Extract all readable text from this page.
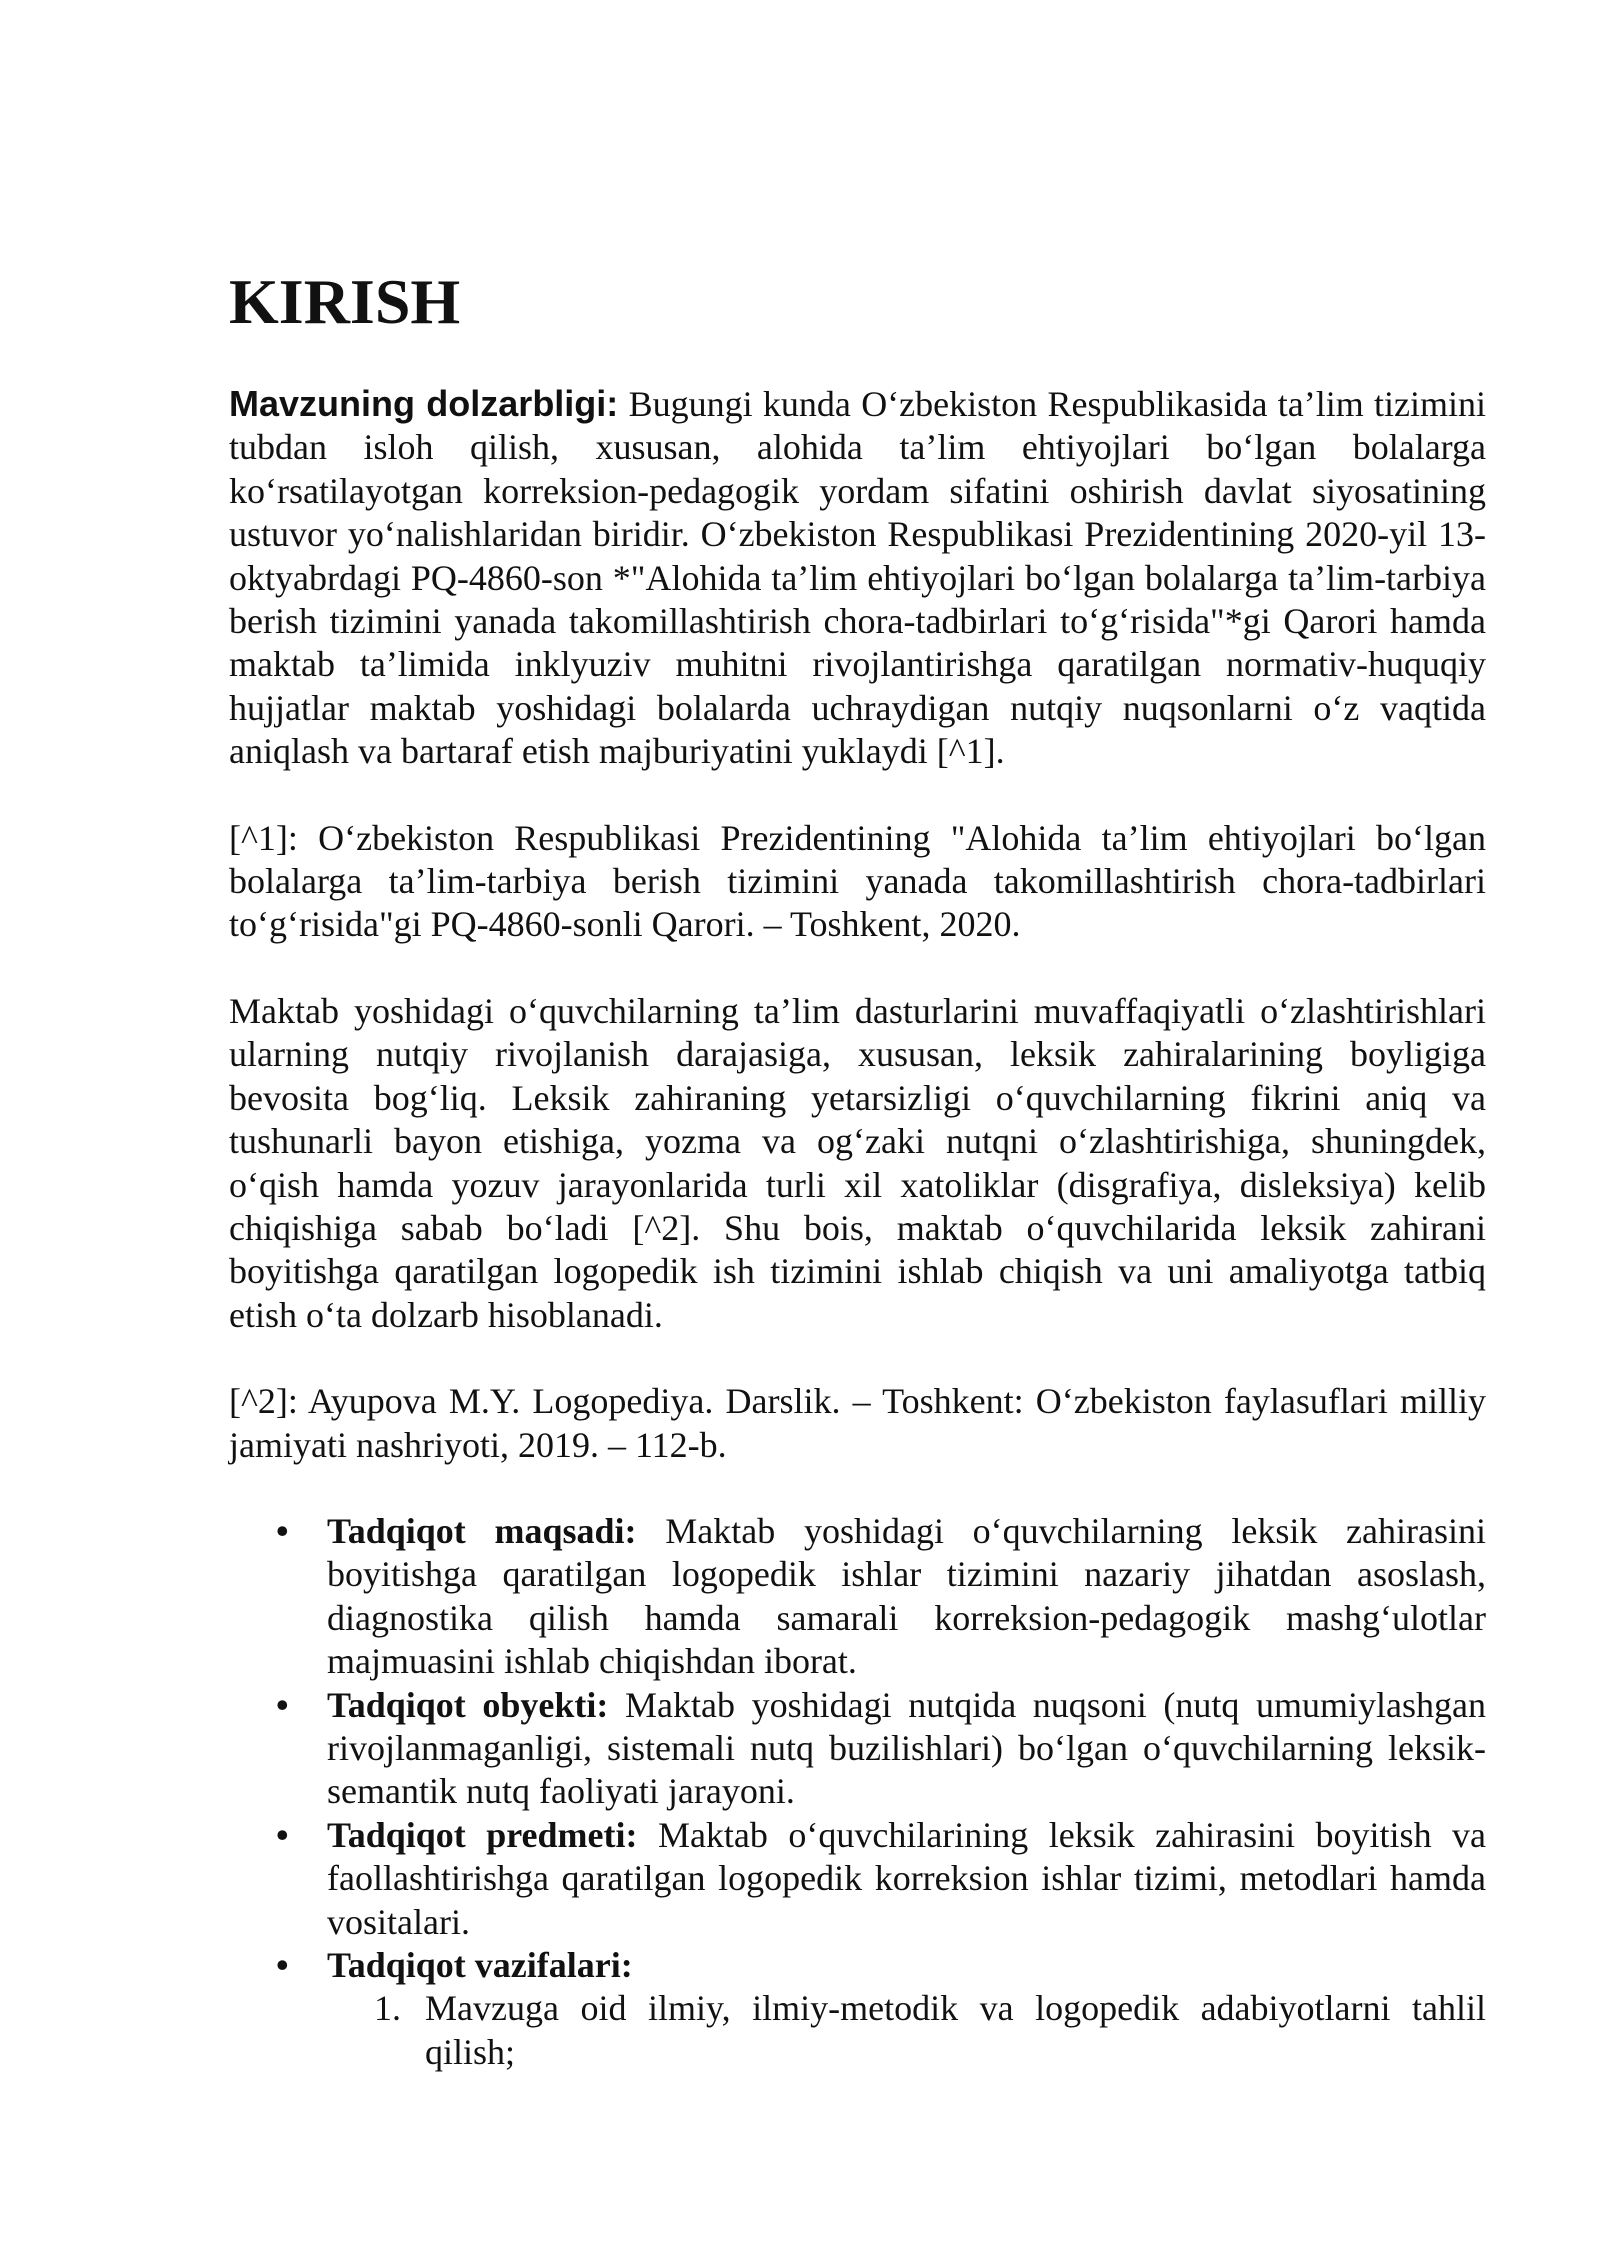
KIRISH

Mavzuning dolzarbligi: Bugungi kunda O‘zbekiston Respublikasida ta’lim tizimini tubdan isloh qilish, xususan, alohida ta’lim ehtiyojlari bo‘lgan bolalarga ko‘rsatilayotgan korreksion-pedagogik yordam sifatini oshirish davlat siyosatining ustuvor yo‘nalishlaridan biridir. O‘zbekiston Respublikasi Prezidentining 2020-yil 13-oktyabrdagi PQ-4860-son *"Alohida ta’lim ehtiyojlari bo‘lgan bolalarga ta’lim-tarbiya berish tizimini yanada takomillashtirish chora-tadbirlari to‘g‘risida"*gi Qarori hamda maktab ta’limida inklyuziv muhitni rivojlantirishga qaratilgan normativ-huquqiy hujjatlar maktab yoshidagi bolalarda uchraydigan nutqiy nuqsonlarni o‘z vaqtida aniqlash va bartaraf etish majburiyatini yuklaydi [^1].

[^1]: O‘zbekiston Respublikasi Prezidentining "Alohida ta’lim ehtiyojlari bo‘lgan bolalarga ta’lim-tarbiya berish tizimini yanada takomillashtirish chora-tadbirlari to‘g‘risida"gi PQ-4860-sonli Qarori. – Toshkent, 2020.

Maktab yoshidagi o‘quvchilarning ta’lim dasturlarini muvaffaqiyatli o‘zlashtirishlari ularning nutqiy rivojlanish darajasiga, xususan, leksik zahiralarining boyligiga bevosita bog‘liq. Leksik zahiraning yetarsizligi o‘quvchilarning fikrini aniq va tushunarli bayon etishiga, yozma va og‘zaki nutqni o‘zlashtirishiga, shuningdek, o‘qish hamda yozuv jarayonlarida turli xil xatoliklar (disgrafiya, disleksiya) kelib chiqishiga sabab bo‘ladi [^2]. Shu bois, maktab o‘quvchilarida leksik zahirani boyitishga qaratilgan logopedik ish tizimini ishlab chiqish va uni amaliyotga tatbiq etish o‘ta dolzarb hisoblanadi.

[^2]: Ayupova M.Y. Logopediya. Darslik. – Toshkent: O‘zbekiston faylasuflari milliy jamiyati nashriyoti, 2019. – 112-b.

• Tadqiqot maqsadi: Maktab yoshidagi o‘quvchilarning leksik zahirasini boyitishga qaratilgan logopedik ishlar tizimini nazariy jihatdan asoslash, diagnostika qilish hamda samarali korreksion-pedagogik mashg‘ulotlar majmuasini ishlab chiqishdan iborat.
• Tadqiqot obyekti: Maktab yoshidagi nutqida nuqsoni (nutq umumiylashgan rivojlanmaganligi, sistemali nutq buzilishlari) bo‘lgan o‘quvchilarning leksik-semantik nutq faoliyati jarayoni.
• Tadqiqot predmeti: Maktab o‘quvchilarining leksik zahirasini boyitish va faollashtirishga qaratilgan logopedik korreksion ishlar tizimi, metodlari hamda vositalari.
• Tadqiqot vazifalari:
1. Mavzuga oid ilmiy, ilmiy-metodik va logopedik adabiyotlarni tahlil qilish;
